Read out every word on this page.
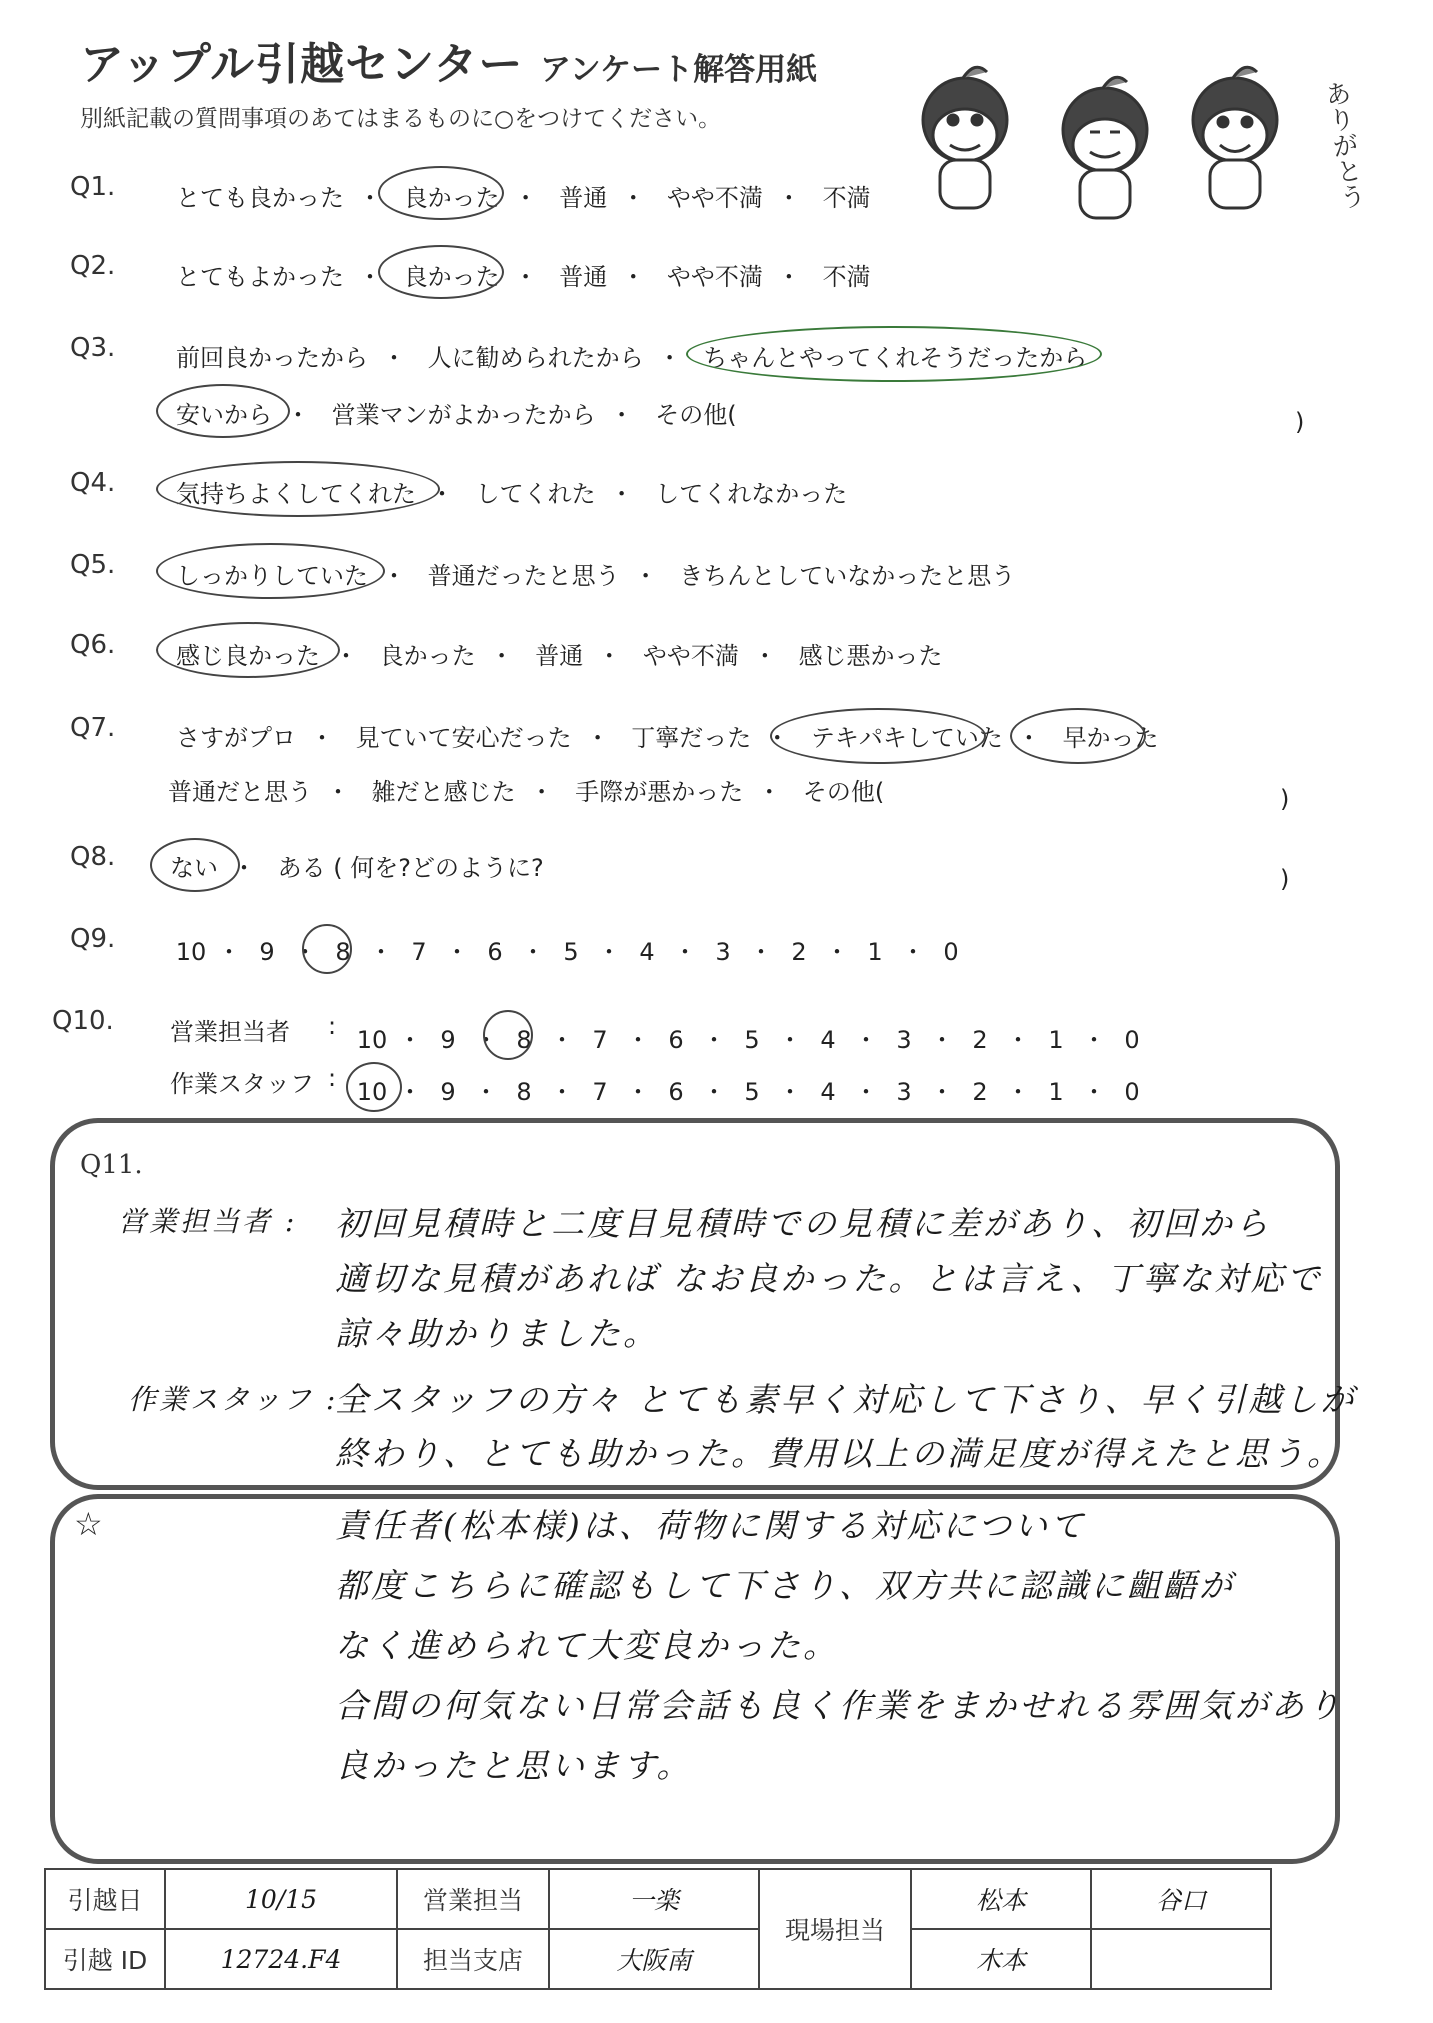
アップル引越センター アンケート解答用紙
別紙記載の質問事項のあてはまるものに○をつけてください。	ありがとう
Q1.	とても良かった ・ 良かった ・ 普通 ・ やや不満 ・ 不満
Q2.	とてもよかった ・ 良かった ・ 普通 ・ やや不満 ・ 不満
Q3.	前回良かったから ・ 人に勧められたから ・ ちゃんとやってくれそうだったから
安いから ・ 営業マンがよかったから ・ その他(	)
Q4.	気持ちよくしてくれた ・ してくれた ・ してくれなかった
Q5.	しっかりしていた ・ 普通だったと思う ・ きちんとしていなかったと思う
Q6.	感じ良かった ・ 良かった ・ 普通 ・ やや不満 ・ 感じ悪かった
Q7.	さすがプロ ・ 見ていて安心だった ・ 丁寧だった ・ テキパキしていた ・ 早かった
普通だと思う ・ 雑だと感じた ・ 手際が悪かった ・ その他(	)
Q8. ない ・ ある ( 何を?どのように?	)
Q9.	10 ・ 9 ・ 8 ・ 7 ・ 6 ・ 5 ・ 4 ・ 3 ・ 2 ・ 1 ・ 0
Q10. 営業担当者 : 10 ・ 9 ・ 8 ・ 7 ・ 6 ・ 5 ・ 4 ・ 3 ・ 2 ・ 1 ・ 0
作業スタッフ : 10 ・ 9 ・ 8 ・ 7 ・ 6 ・ 5 ・ 4 ・ 3 ・ 2 ・ 1 ・ 0
Q11.
営業担当者 : 初回見積時と二度目見積時での見積に差があり、初回から
適切な見積があれば なお良かった。とは言え、丁寧な対応で
諒々助かりました。
作業スタッフ :
全スタッフの方々 とても素早く対応して下さり、早く引越しが
終わり、とても助かった。費用以上の満足度が得えたと思う。
☆	責任者(松本様)は、荷物に関する対応について
都度こちらに確認もして下さり、双方共に認識に齟齬が
なく進められて大変良かった。
合間の何気ない日常会話も良く作業をまかせれる雰囲気があり
良かったと思います。
引越日	10/15	営業担当	一楽	現場担当	松本	谷口
引越 ID	12724.F4	担当支店	大阪南		木本	
